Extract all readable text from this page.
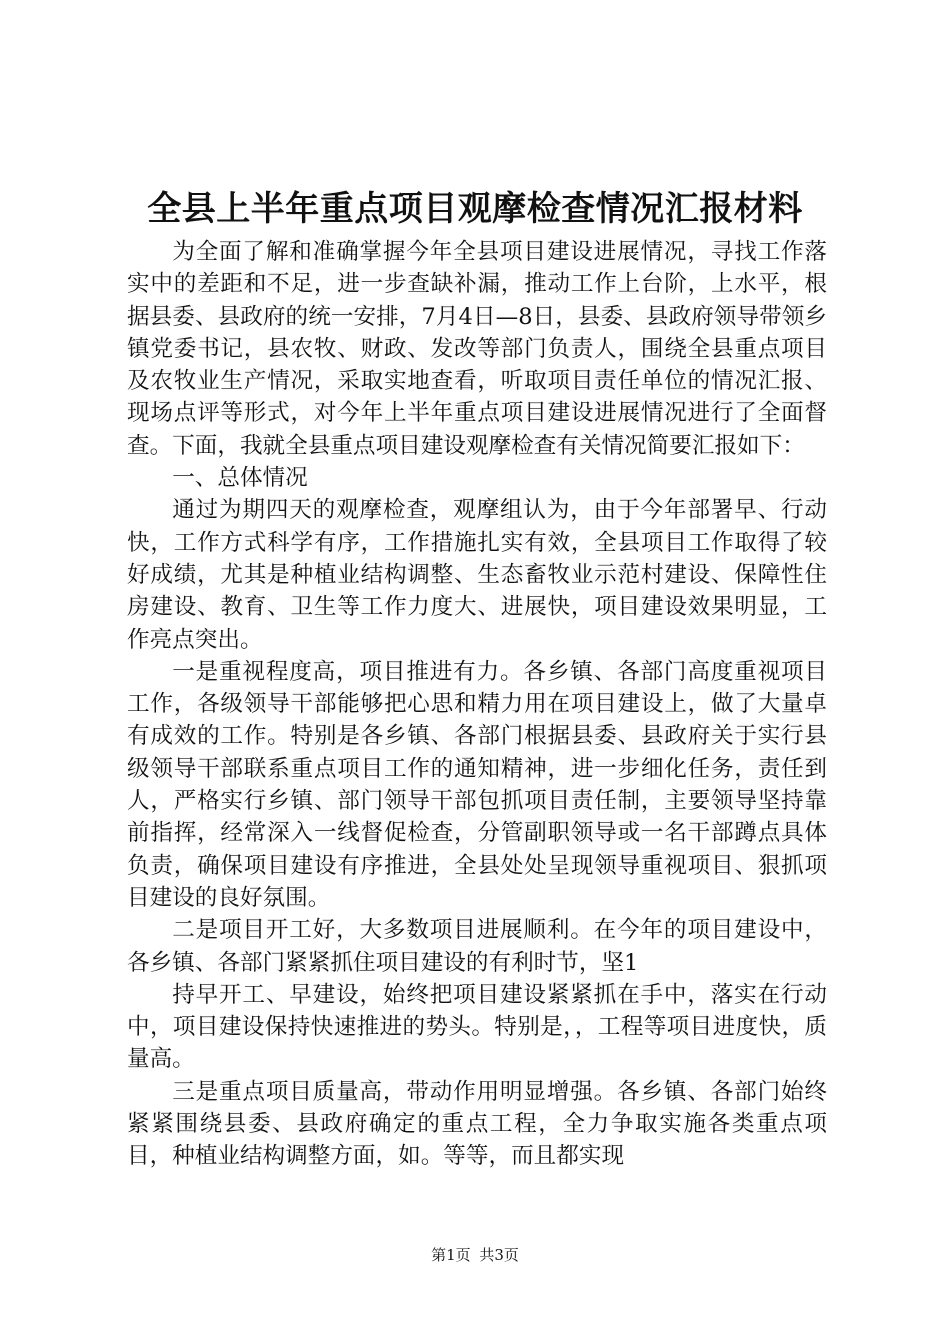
全县上半年重点项目观摩检查情况汇报材料

为全面了解和准确掌握今年全县项目建设进展情况，寻找工作落实中的差距和不足，进一步查缺补漏，推动工作上台阶，上水平，根据县委、县政府的统一安排，7月4日—8日，县委、县政府领导带领乡镇党委书记，县农牧、财政、发改等部门负责人，围绕全县重点项目及农牧业生产情况，采取实地查看，听取项目责任单位的情况汇报、现场点评等形式，对今年上半年重点项目建设进展情况进行了全面督查。下面，我就全县重点项目建设观摩检查有关情况简要汇报如下：

一、总体情况

通过为期四天的观摩检查，观摩组认为，由于今年部署早、行动快，工作方式科学有序，工作措施扎实有效，全县项目工作取得了较好成绩，尤其是种植业结构调整、生态畜牧业示范村建设、保障性住房建设、教育、卫生等工作力度大、进展快，项目建设效果明显，工作亮点突出。

一是重视程度高，项目推进有力。各乡镇、各部门高度重视项目工作，各级领导干部能够把心思和精力用在项目建设上，做了大量卓有成效的工作。特别是各乡镇、各部门根据县委、县政府关于实行县级领导干部联系重点项目工作的通知精神，进一步细化任务，责任到人，严格实行乡镇、部门领导干部包抓项目责任制，主要领导坚持靠前指挥，经常深入一线督促检查，分管副职领导或一名干部蹲点具体负责，确保项目建设有序推进，全县处处呈现领导重视项目、狠抓项目建设的良好氛围。

二是项目开工好，大多数项目进展顺利。在今年的项目建设中，各乡镇、各部门紧紧抓住项目建设的有利时节，坚1

持早开工、早建设，始终把项目建设紧紧抓在手中，落实在行动中，项目建设保持快速推进的势头。特别是，，工程等项目进度快，质量高。

三是重点项目质量高，带动作用明显增强。各乡镇、各部门始终紧紧围绕县委、县政府确定的重点工程，全力争取实施各类重点项目，种植业结构调整方面，如。等等，而且都实现

第1页 共3页
